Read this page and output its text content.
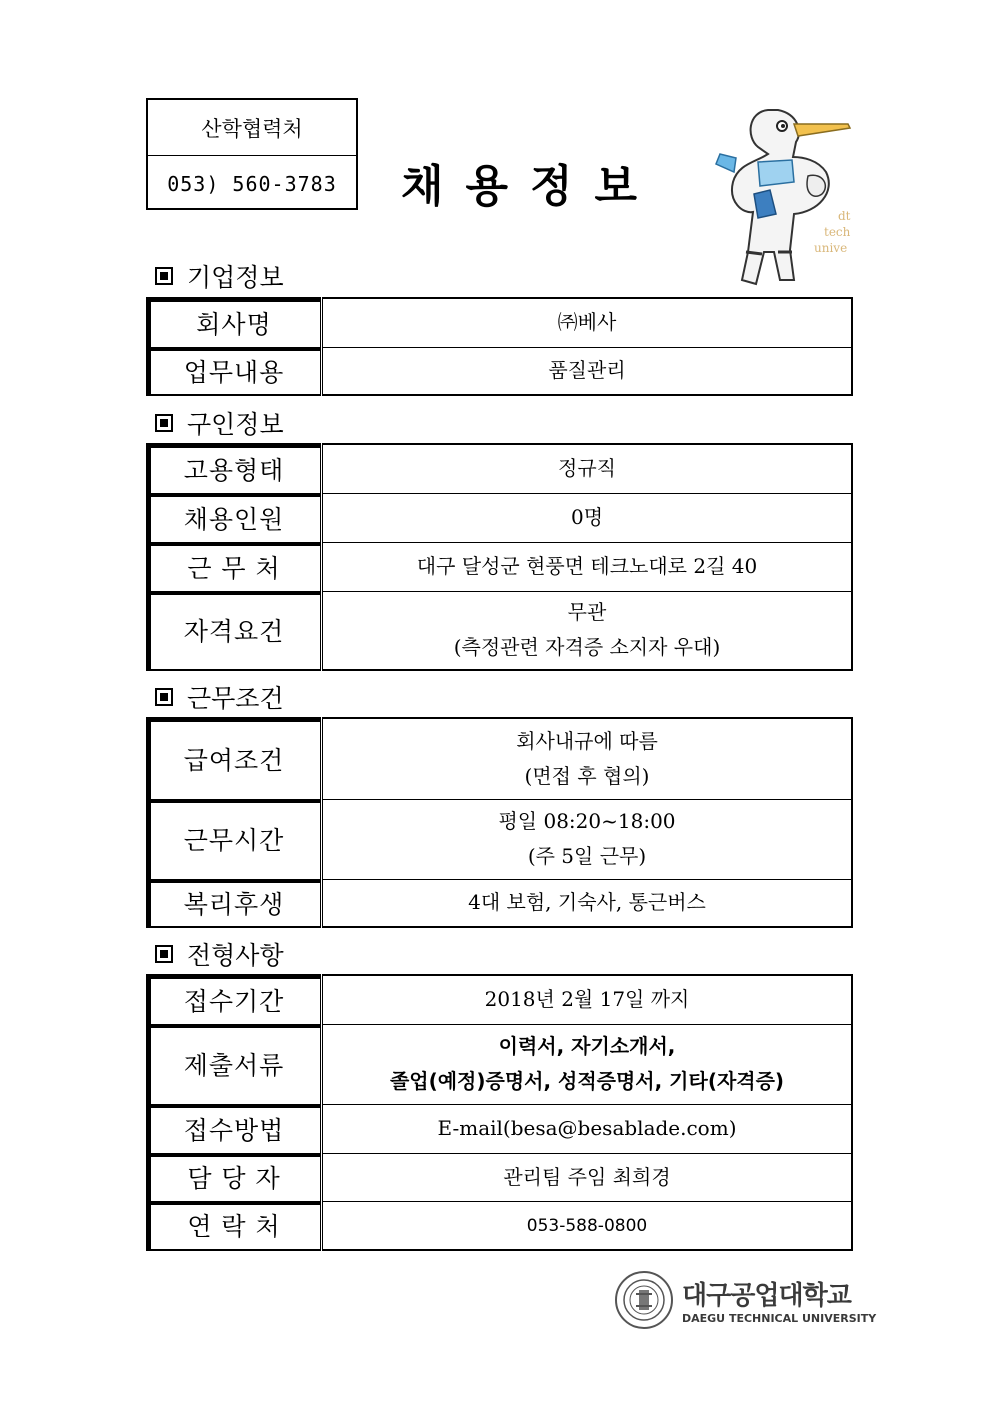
산학협력처
053) 560-3783	채용정보
dt
tech
unive
기업정보
회사명	㈜베사
업무내용	품질관리
구인정보
고용형태	정규직
채용인원	0명
근 무 처	대구 달성군 현풍면 테크노대로 2길 40
자격요건	무관
(측정관련 자격증 소지자 우대)
근무조건
급여조건	회사내규에 따름
(면접 후 협의)

근무시간	평일 08:20~18:00
(주 5일 근무)

복리후생	4대 보험, 기숙사, 통근버스
전형사항
접수기간	2018년 2월 17일 까지
제출서류	이력서, 자기소개서,
졸업(예정)증명서, 성적증명서, 기타(자격증)

접수방법	E-mail(besa@besablade.com)
담 당 자	관리팀 주임 최희경
연 락 처	053-588-0800
대구공업대학교
DAEGU TECHNICAL UNIVERSITY
